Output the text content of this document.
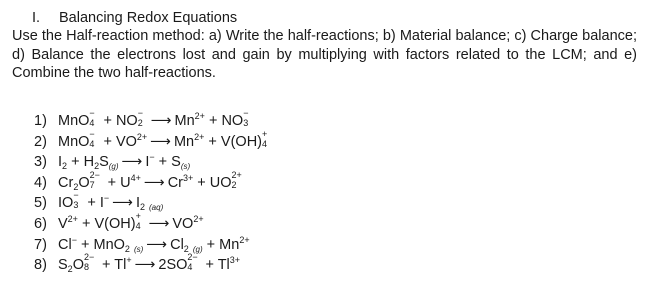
I. Balancing Redox Equations
Use the Half-reaction method: a) Write the half-reactions; b) Material balance; c) Charge balance; d) Balance the electrons lost and gain by multiplying with factors related to the LCM; and e) Combine the two half-reactions.
1) MnO −
4 + NO −
2 ⟶ $Mn^{2+}$ + NO −
3
2) MnO −
$4 + VO^{2+}$ ⟶ $Mn^{2+} + V(OH)$ +
4
3) $I_2 + H_2S_{(g)}$ ⟶ $I^- + S_{(s)}$
4) $Cr_2O$ 2−
$7 + U^{4+}$ ⟶ $Cr^{3+}$ + UO 2+
2
5) IO −
3 + I− ⟶ $I_2$ $_{(aq)}$
6) $V^{2+} + V(OH)$ +
4 ⟶ $VO^{2+}$
7) Cl− + MnO$_2$ $_{(s)}$ ⟶ $Cl_2$ $_{(g)} + Mn^{2+}$
8) $S_2O$ 2−
8 + Tl+ ⟶ 2SO 2−
$4 + Tl^{3+}$
